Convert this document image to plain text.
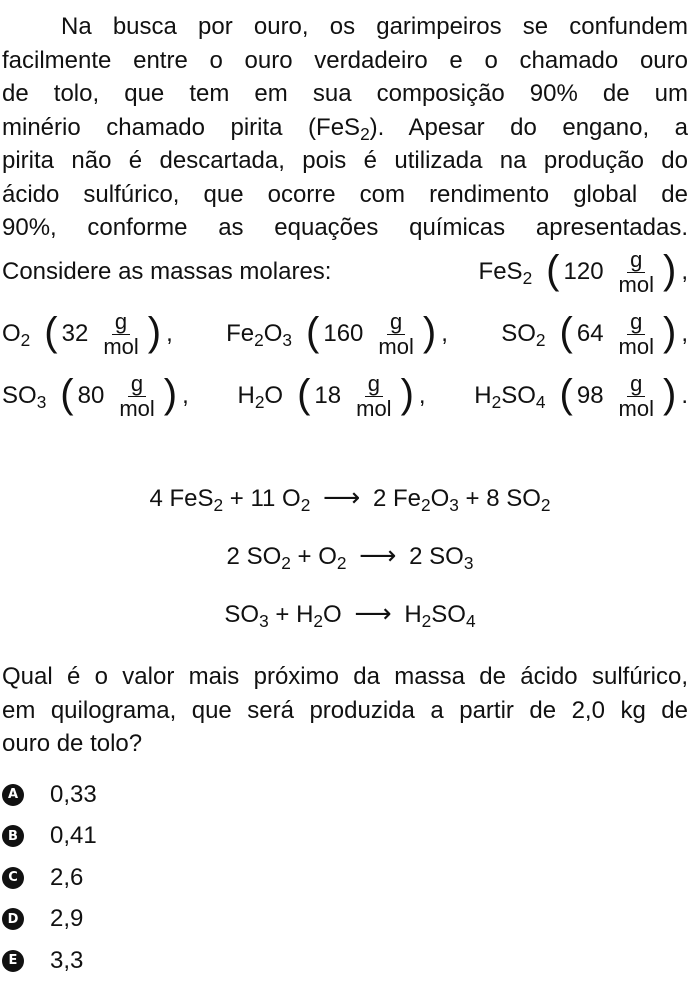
Na busca por ouro, os garimpeiros se confundem
facilmente entre o ouro verdadeiro e o chamado ouro
de tolo, que tem em sua composição 90% de um
minério chamado pirita (FeS$_2$). Apesar do engano, a
pirita não é descartada, pois é utilizada na produção do
ácido sulfúrico, que ocorre com rendimento global de
90%, conforme as equações químicas apresentadas.
Considere as massas molares:	FeS$_2$ ( $120 \frac{g}{\text{mol}}$ ) ,
$O_2$ ( $32 \frac{g}{\text{mol}}$ ) , $Fe_2O_3$ ( $160 \frac{g}{\text{mol}}$ ) , $SO_2$ ( $64 \frac{g}{\text{mol}}$ ) ,
$SO_3$ ( $80 \frac{g}{\text{mol}}$ ) , $H_2O$ ( $18 \frac{g}{\text{mol}}$ ) , $H_2SO_4$ ( $98 \frac{g}{\text{mol}}$ ) .
4 FeS$_2$ + 11 $O_2$ ⟶ 2 $Fe_2O_3 + 8$ $SO_2$
2 $SO_2 + O_2$ ⟶ 2 $SO_3$
$SO_3 + H_2O$ ⟶ $H_2SO_4$
Qual é o valor mais próximo da massa de ácido sulfúrico,
em quilograma, que será produzida a partir de 2,0 kg de
ouro de tolo?
A 0,33
B 0,41
C 2,6
D 2,9
E 3,3
